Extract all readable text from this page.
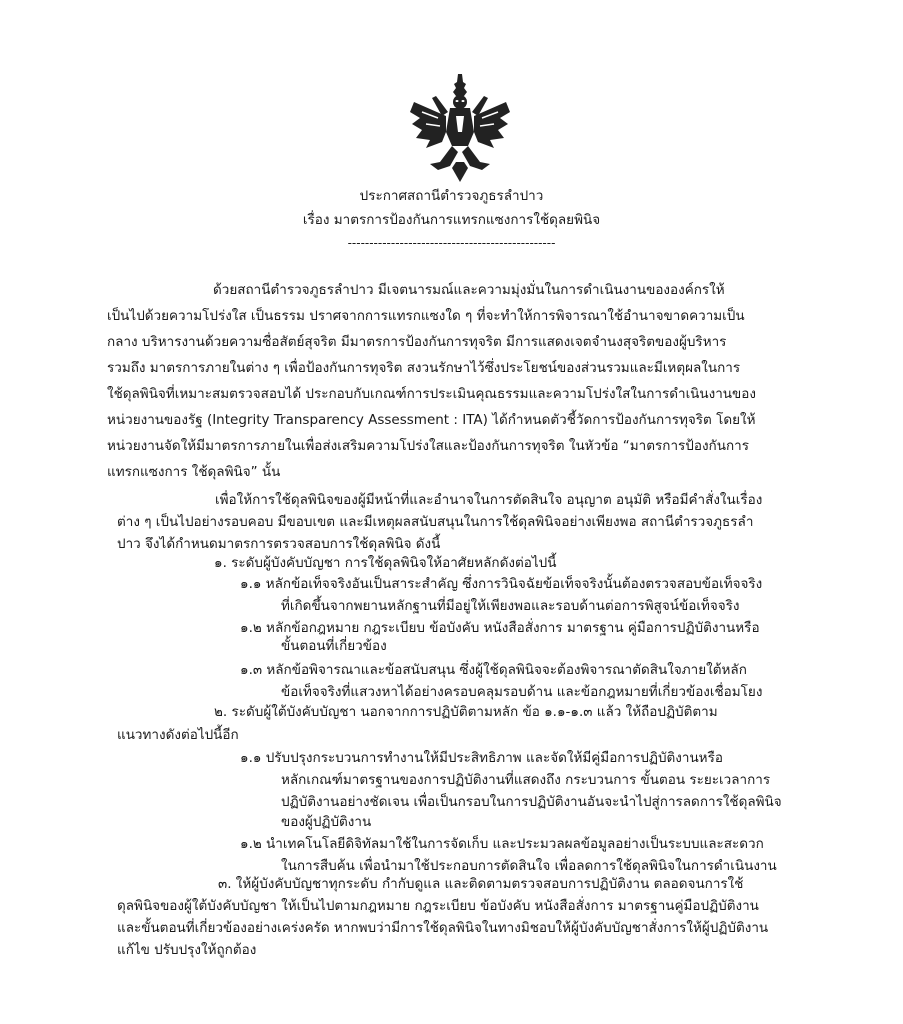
ประกาศสถานีตำรวจภูธรลำปาว
เรื่อง มาตรการป้องกันการแทรกแซงการใช้ดุลยพินิจ
------------------------------------------------
ด้วยสถานีตำรวจภูธรลำปาว มีเจตนารมณ์และความมุ่งมั่นในการดำเนินงานขององค์กรให้
เป็นไปด้วยความโปร่งใส เป็นธรรม ปราศจากการแทรกแซงใด ๆ ที่จะทำให้การพิจารณาใช้อำนาจขาดความเป็น
กลาง บริหารงานด้วยความซื่อสัตย์สุจริต มีมาตรการป้องกันการทุจริต มีการแสดงเจตจำนงสุจริตของผู้บริหาร
รวมถึง มาตรการภายในต่าง ๆ เพื่อป้องกันการทุจริต สงวนรักษาไว้ซึ่งประโยชน์ของส่วนรวมและมีเหตุผลในการ
ใช้ดุลพินิจที่เหมาะสมตรวจสอบได้ ประกอบกับเกณฑ์การประเมินคุณธรรมและความโปร่งใสในการดำเนินงานของ
หน่วยงานของรัฐ (Integrity Transparency Assessment : ITA) ได้กำหนดตัวชี้วัดการป้องกันการทุจริต โดยให้
หน่วยงานจัดให้มีมาตรการภายในเพื่อส่งเสริมความโปร่งใสและป้องกันการทุจริต ในหัวข้อ “มาตรการป้องกันการ
แทรกแซงการ ใช้ดุลพินิจ” นั้น
เพื่อให้การใช้ดุลพินิจของผู้มีหน้าที่และอำนาจในการตัดสินใจ อนุญาต อนุมัติ หรือมีคำสั่งในเรื่อง
ต่าง ๆ เป็นไปอย่างรอบคอบ มีขอบเขต และมีเหตุผลสนับสนุนในการใช้ดุลพินิจอย่างเพียงพอ สถานีตำรวจภูธรลำ
ปาว จึงได้กำหนดมาตรการตรวจสอบการใช้ดุลพินิจ ดังนี้
๑. ระดับผู้บังคับบัญชา การใช้ดุลพินิจให้อาศัยหลักดังต่อไปนี้
๑.๑ หลักข้อเท็จจริงอันเป็นสาระสำคัญ ซึ่งการวินิจฉัยข้อเท็จจริงนั้นต้องตรวจสอบข้อเท็จจริง
ที่เกิดขึ้นจากพยานหลักฐานที่มีอยู่ให้เพียงพอและรอบด้านต่อการพิสูจน์ข้อเท็จจริง
๑.๒ หลักข้อกฎหมาย กฎระเบียบ ข้อบังคับ หนังสือสั่งการ มาตรฐาน คู่มือการปฏิบัติงานหรือ
ขั้นตอนที่เกี่ยวข้อง
๑.๓ หลักข้อพิจารณาและข้อสนับสนุน ซึ่งผู้ใช้ดุลพินิจจะต้องพิจารณาตัดสินใจภายใต้หลัก
ข้อเท็จจริงที่แสวงหาได้อย่างครอบคลุมรอบด้าน และข้อกฎหมายที่เกี่ยวข้องเชื่อมโยง
๒. ระดับผู้ใต้บังคับบัญชา นอกจากการปฏิบัติตามหลัก ข้อ ๑.๑-๑.๓ แล้ว ให้ถือปฏิบัติตาม
แนวทางดังต่อไปนี้อีก
๑.๑ ปรับปรุงกระบวนการทำงานให้มีประสิทธิภาพ และจัดให้มีคู่มือการปฏิบัติงานหรือ
หลักเกณฑ์มาตรฐานของการปฏิบัติงานที่แสดงถึง กระบวนการ ขั้นตอน ระยะเวลาการ
ปฏิบัติงานอย่างชัดเจน เพื่อเป็นกรอบในการปฏิบัติงานอันจะนำไปสู่การลดการใช้ดุลพินิจ
ของผู้ปฏิบัติงาน
๑.๒ นำเทคโนโลยีดิจิทัลมาใช้ในการจัดเก็บ และประมวลผลข้อมูลอย่างเป็นระบบและสะดวก
ในการสืบค้น เพื่อนำมาใช้ประกอบการตัดสินใจ เพื่อลดการใช้ดุลพินิจในการดำเนินงาน
๓. ให้ผู้บังคับบัญชาทุกระดับ กำกับดูแล และติดตามตรวจสอบการปฏิบัติงาน ตลอดจนการใช้
ดุลพินิจของผู้ใต้บังคับบัญชา ให้เป็นไปตามกฎหมาย กฎระเบียบ ข้อบังคับ หนังสือสั่งการ มาตรฐานคู่มือปฏิบัติงาน
และขั้นตอนที่เกี่ยวข้องอย่างเคร่งครัด หากพบว่ามีการใช้ดุลพินิจในทางมิชอบให้ผู้บังคับบัญชาสั่งการให้ผู้ปฏิบัติงาน
แก้ไข ปรับปรุงให้ถูกต้อง
